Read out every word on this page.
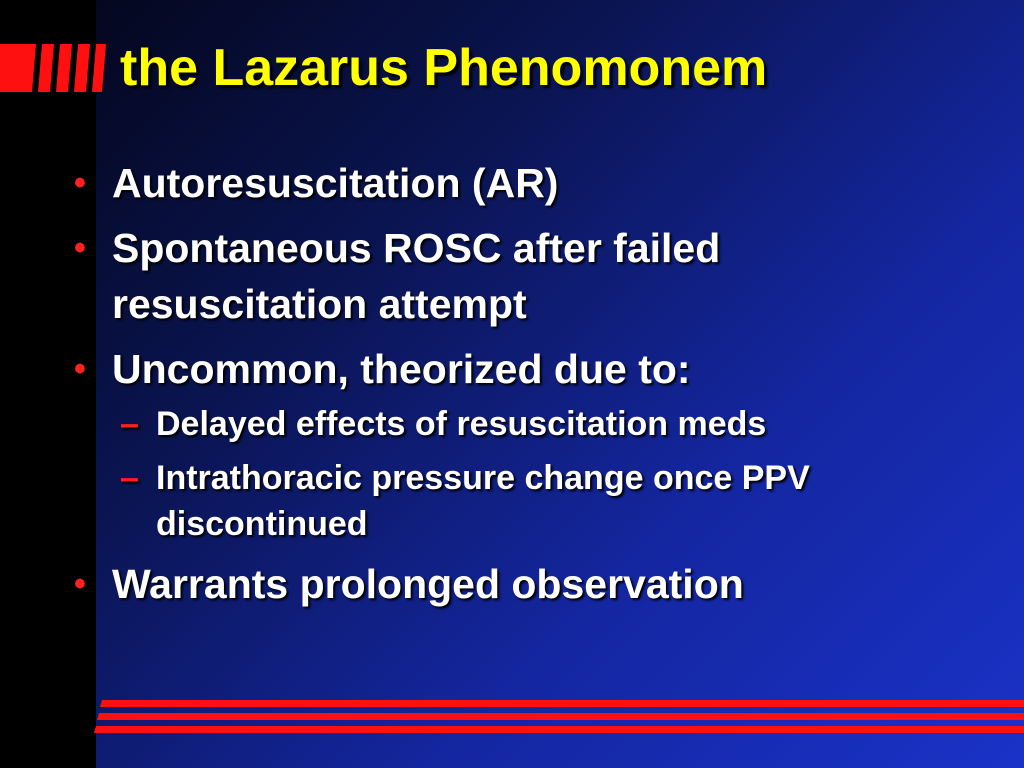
the Lazarus Phenomonem
• Autoresuscitation (AR)
• Spontaneous ROSC after failed resuscitation attempt
• Uncommon, theorized due to:
– Delayed effects of resuscitation meds
– Intrathoracic pressure change once PPV discontinued
• Warrants prolonged observation
